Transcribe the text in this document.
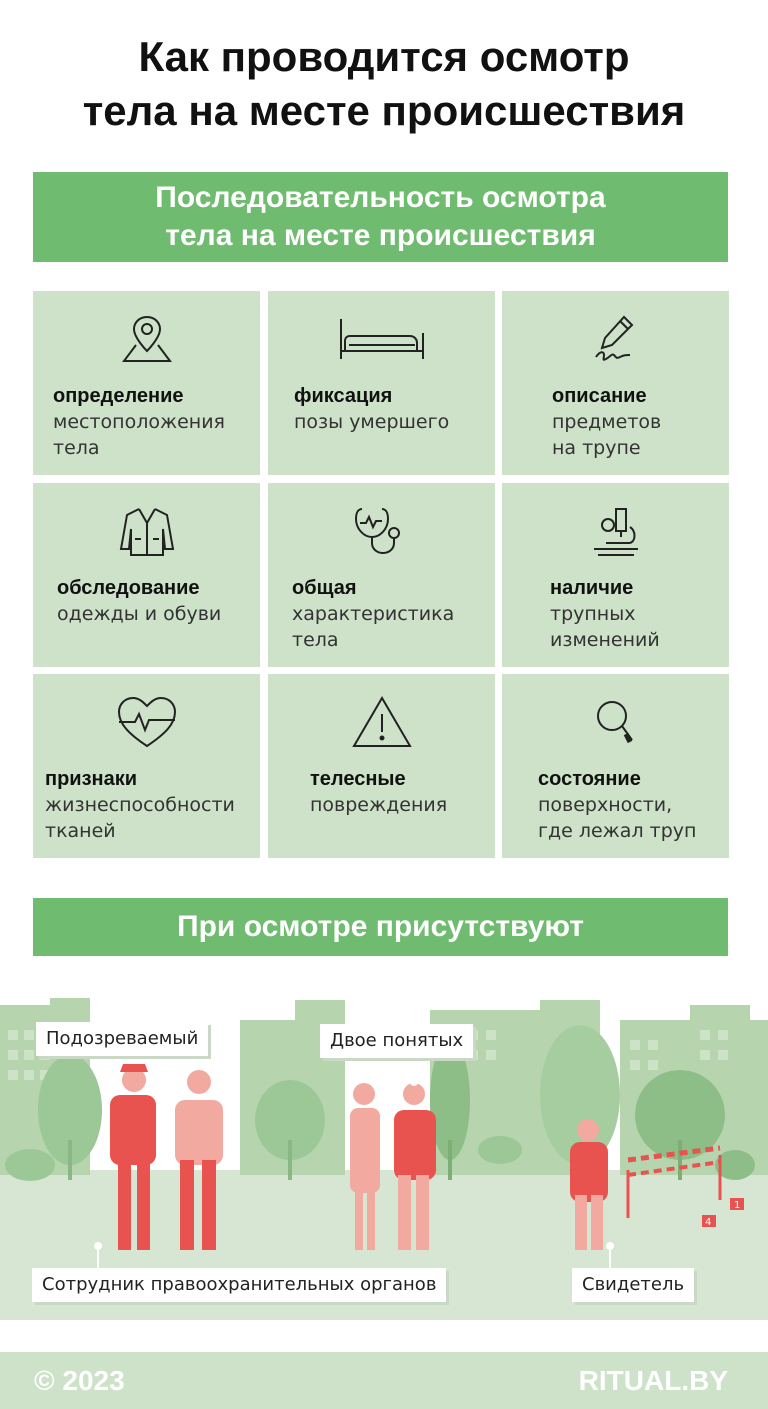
Как проводится осмотр
тела на месте происшествия
Последовательность осмотра
тела на месте происшествия
определение
местоположения
тела
фиксация
позы умершего
описание
предметов
на трупе
обследование
одежды и обуви
общая
характеристика
тела
наличие
трупных
изменений
признаки
жизнеспособности
тканей
телесные
повреждения
состояние
поверхности,
где лежал труп
При осмотре присутствуют
4
1
Подозреваемый	Двое понятых
Сотрудник правоохранительных органов	Свидетель
© 2023	RITUAL.BY
